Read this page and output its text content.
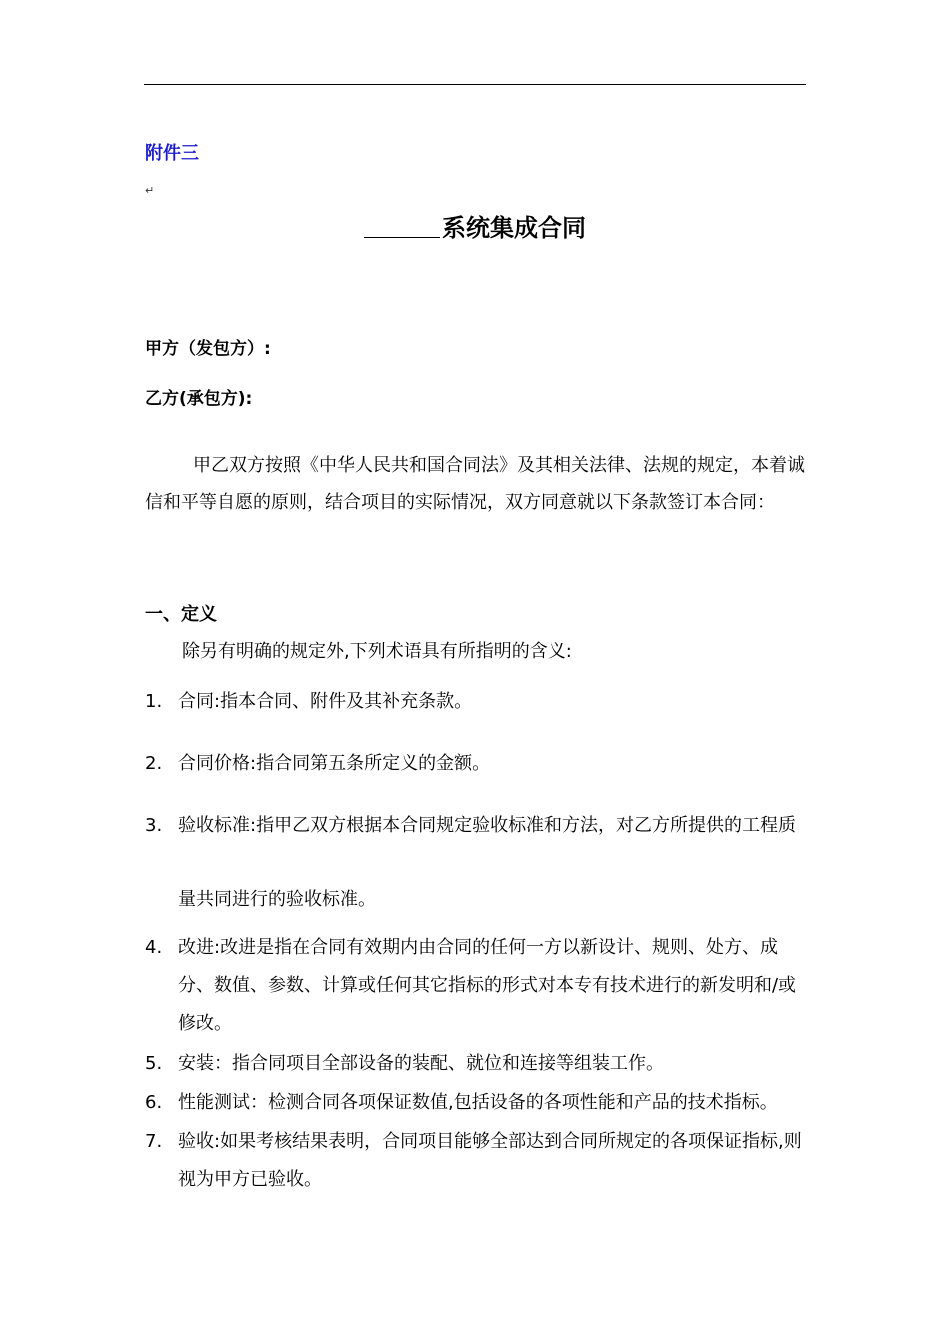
附件三
↵
系统集成合同
甲方（发包方）:
乙方(承包方):
甲乙双方按照《中华人民共和国合同法》及其相关法律、法规的规定，本着诚信和平等自愿的原则，结合项目的实际情况，双方同意就以下条款签订本合同：
一、定义
除另有明确的规定外,下列术语具有所指明的含义:
1. 合同:指本合同、附件及其补充条款。
2. 合同价格:指合同第五条所定义的金额。
3. 验收标准:指甲乙双方根据本合同规定验收标准和方法，对乙方所提供的工程质量共同进行的验收标准。
4. 改进:改进是指在合同有效期内由合同的任何一方以新设计、规则、处方、成分、数值、参数、计算或任何其它指标的形式对本专有技术进行的新发明和/或修改。
5. 安装：指合同项目全部设备的装配、就位和连接等组装工作。
6. 性能测试：检测合同各项保证数值,包括设备的各项性能和产品的技术指标。
7. 验收:如果考核结果表明，合同项目能够全部达到合同所规定的各项保证指标,则视为甲方已验收。
